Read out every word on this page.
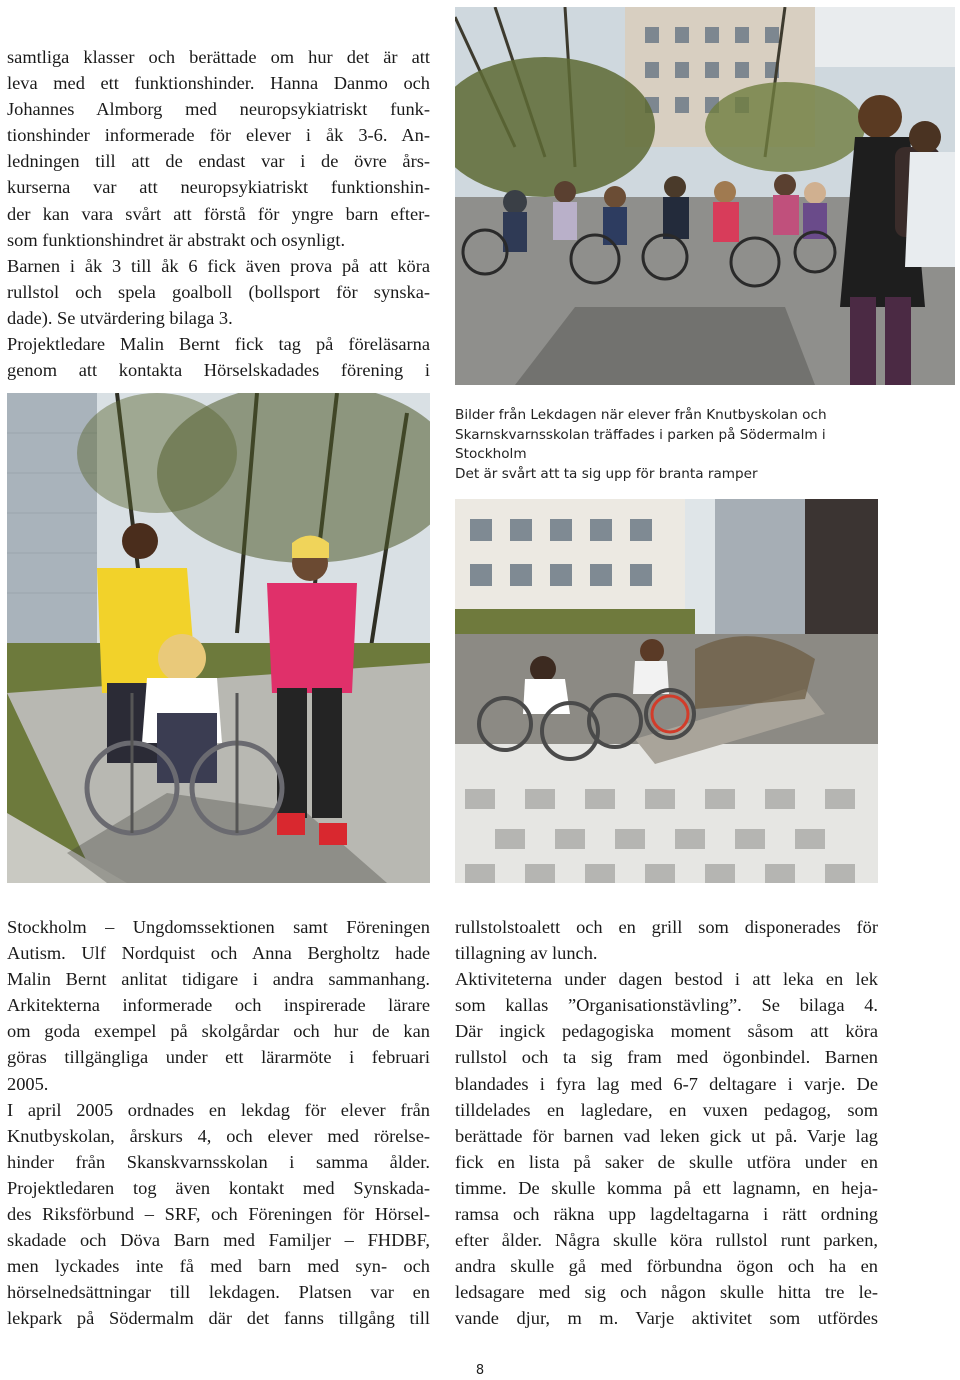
samtliga klasser och berättade om hur det är att
leva med ett funktionshinder. Hanna Danmo och
Johannes Almborg med neuropsykiatriskt funk-
tionshinder informerade för elever i åk 3-6. An-
ledningen till att de endast var i de övre års-
kurserna var att neuropsykiatriskt funktionshin-
der kan vara svårt att förstå för yngre barn efter-
som funktionshindret är abstrakt och osynligt.
Barnen i åk 3 till åk 6 fick även prova på att köra
rullstol och spela goalboll (bollsport för synska-
dade). Se utvärdering bilaga 3.
Projektledare Malin Bernt fick tag på föreläsarna
genom att kontakta Hörselskadades förening i
Bilder från Lekdagen när elever från Knutbyskolan och
Skarnskvarnsskolan träffades i parken på Södermalm i
Stockholm
Det är svårt att ta sig upp för branta ramper
Stockholm – Ungdomssektionen samt Föreningen
Autism. Ulf Nordquist och Anna Bergholtz hade
Malin Bernt anlitat tidigare i andra sammanhang.
Arkitekterna informerade och inspirerade lärare
om goda exempel på skolgårdar och hur de kan
göras tillgängliga under ett lärarmöte i februari
2005.
I april 2005 ordnades en lekdag för elever från
Knutbyskolan, årskurs 4, och elever med rörelse-
hinder från Skanskvarnsskolan i samma ålder.
Projektledaren tog även kontakt med Synskada-
des Riksförbund – SRF, och Föreningen för Hörsel-
skadade och Döva Barn med Familjer – FHDBF,
men lyckades inte få med barn med syn- och
hörselnedsättningar till lekdagen. Platsen var en
lekpark på Södermalm där det fanns tillgång till
rullstolstoalett och en grill som disponerades för
tillagning av lunch.
Aktiviteterna under dagen bestod i att leka en lek
som kallas ”Organisationstävling”. Se bilaga 4.
Där ingick pedagogiska moment såsom att köra
rullstol och ta sig fram med ögonbindel. Barnen
blandades i fyra lag med 6-7 deltagare i varje. De
tilldelades en lagledare, en vuxen pedagog, som
berättade för barnen vad leken gick ut på. Varje lag
fick en lista på saker de skulle utföra under en
timme. De skulle komma på ett lagnamn, en heja-
ramsa och räkna upp lagdeltagarna i rätt ordning
efter ålder. Några skulle köra rullstol runt parken,
andra skulle gå med förbundna ögon och ha en
ledsagare med sig och någon skulle hitta tre le-
vande djur, m m. Varje aktivitet som utfördes
8
